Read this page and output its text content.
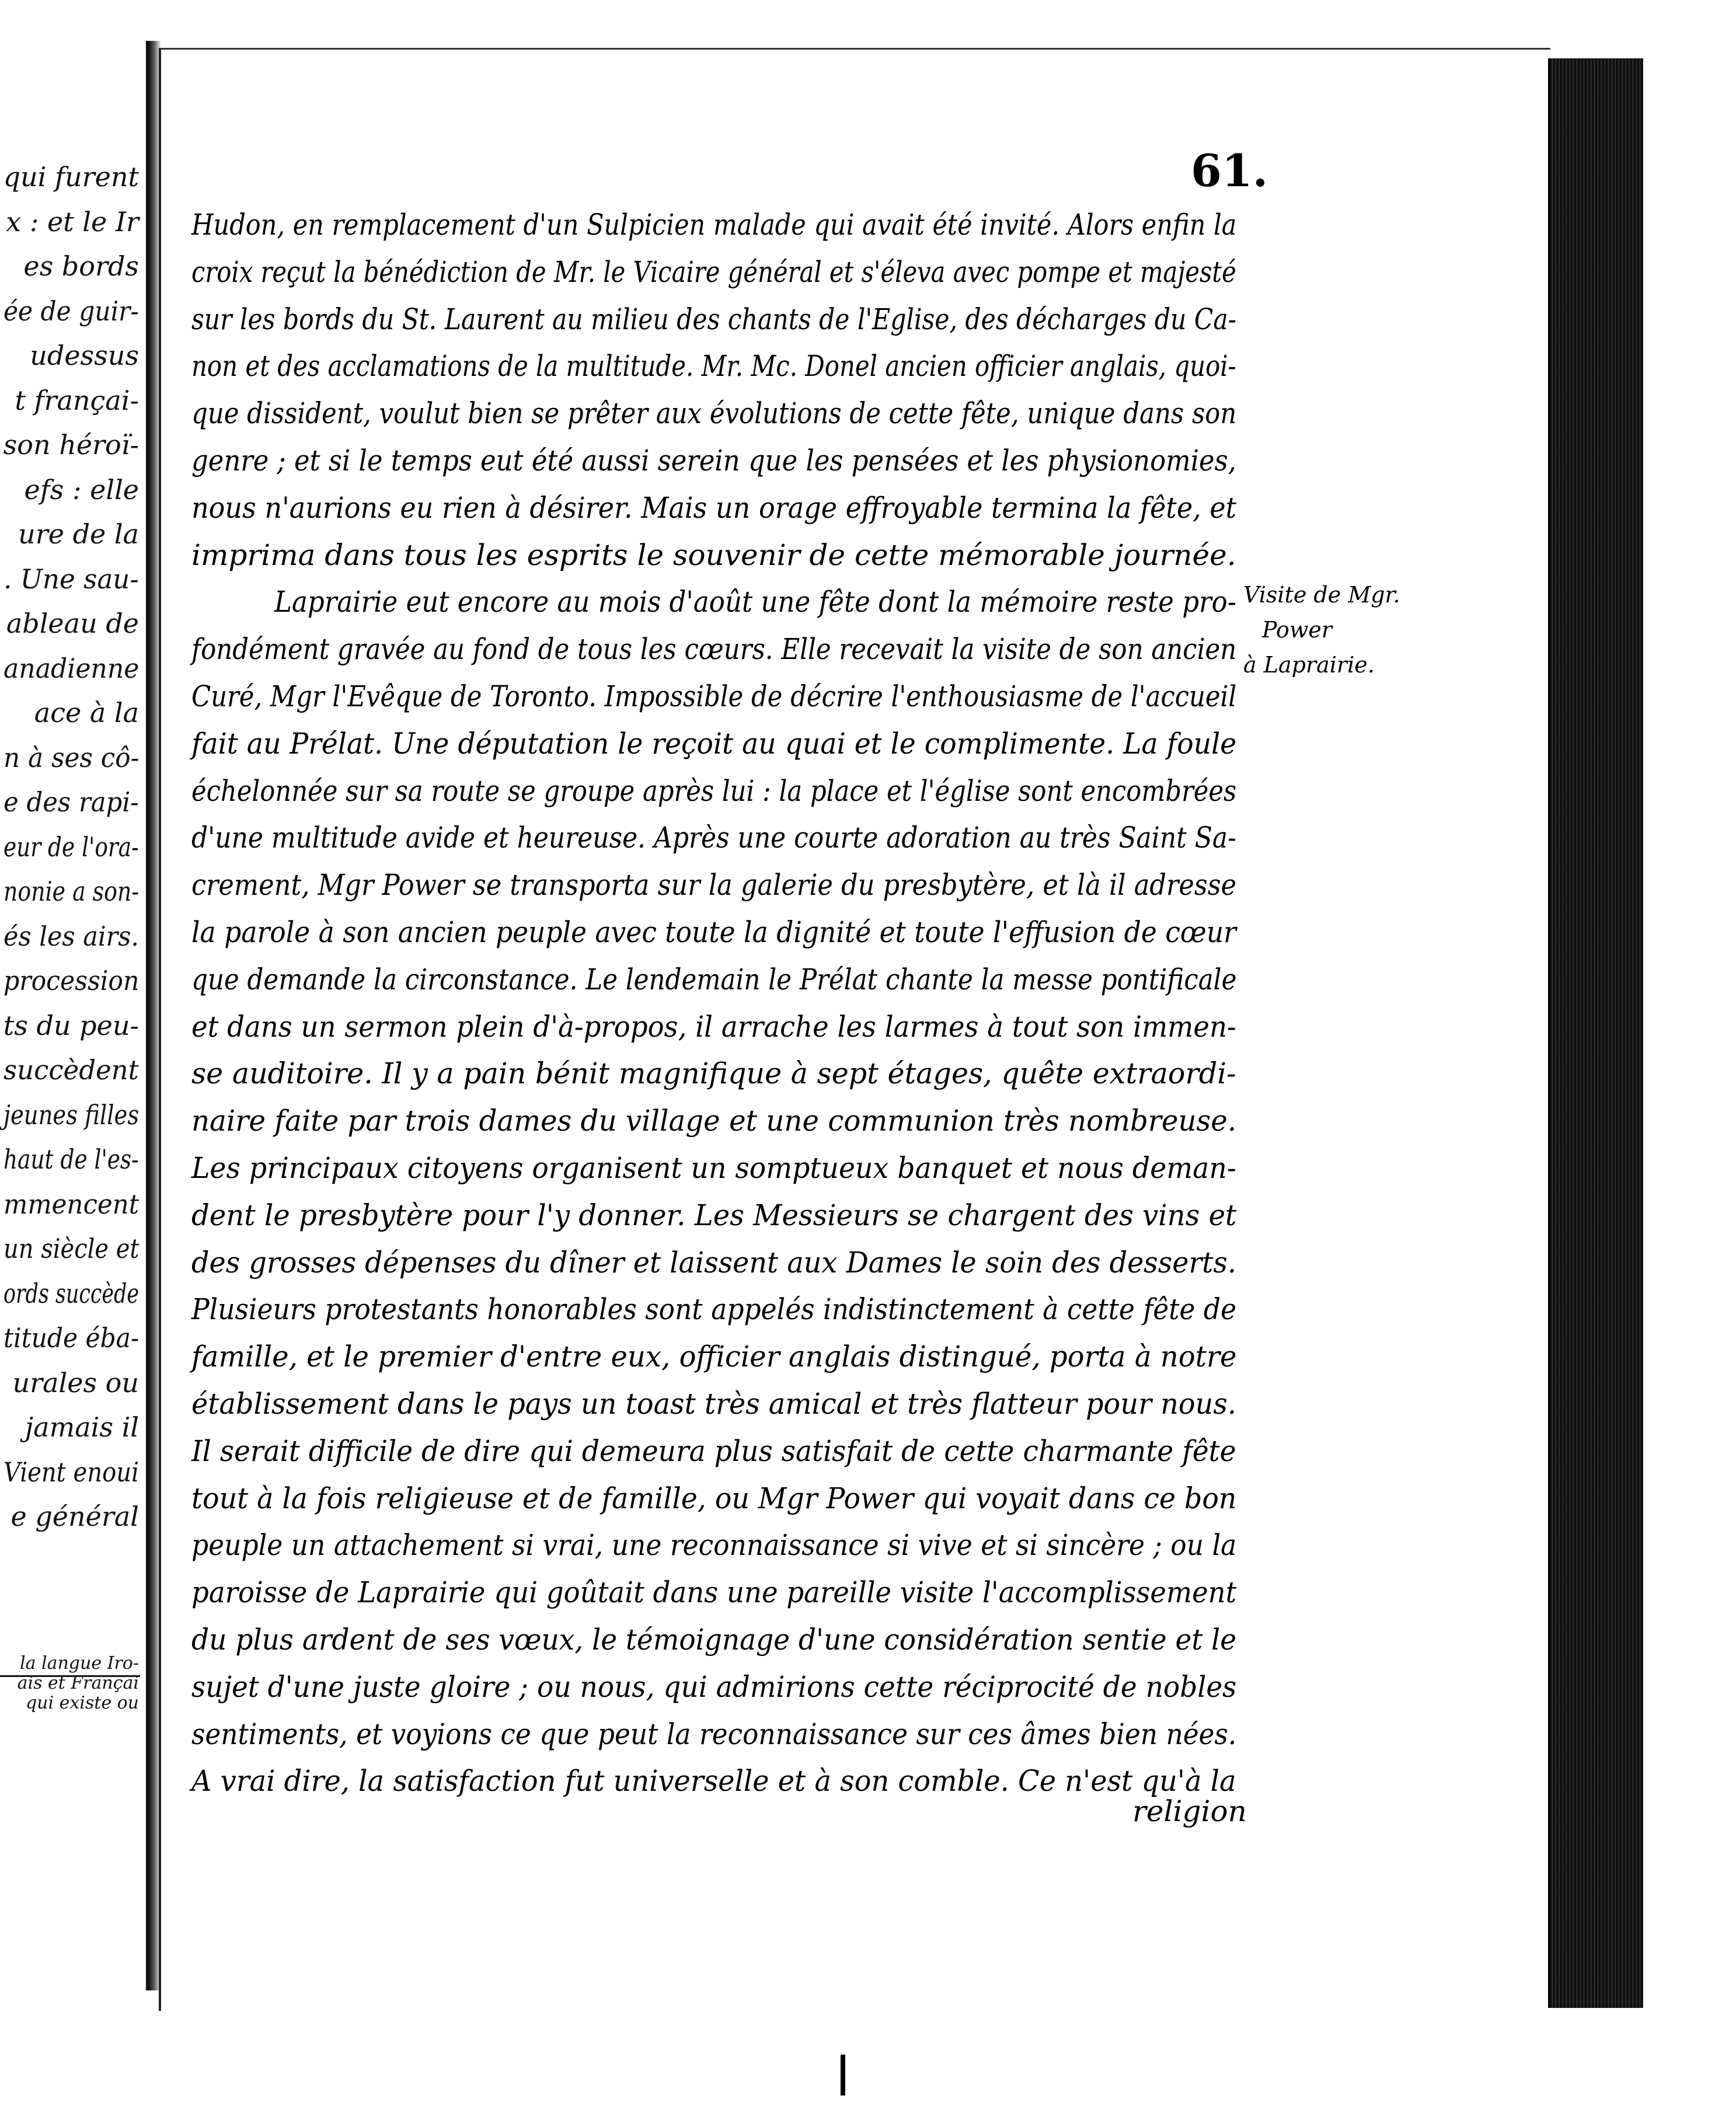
qui furent
x : et le Ir
es bords
ée de guir-
udessus
t françai-
son héroï-
efs : elle
ure de la
. Une sau-
ableau de
anadienne
ace à la
n à ses cô-
e des rapi-
eur de l'ora-
nonie a son-
és les airs.
procession
ts du peu-
succèdent
jeunes filles
haut de l'es-
mmencent
un siècle et
ords succède
titude éba-
urales ou
jamais il
Vient enoui
e général
la langue Iro-
ais et Françai
qui existe ou
61.
Hudon, en remplacement d'un Sulpicien malade qui avait été invité. Alors enfin la
croix reçut la bénédiction de Mr. le Vicaire général et s'éleva avec pompe et majesté
sur les bords du St. Laurent au milieu des chants de l'Eglise, des décharges du Ca-
non et des acclamations de la multitude. Mr. Mc. Donel ancien officier anglais, quoi-
que dissident, voulut bien se prêter aux évolutions de cette fête, unique dans son
genre ; et si le temps eut été aussi serein que les pensées et les physionomies,
nous n'aurions eu rien à désirer. Mais un orage effroyable termina la fête, et
imprima dans tous les esprits le souvenir de cette mémorable journée.
Laprairie eut encore au mois d'août une fête dont la mémoire reste pro-
fondément gravée au fond de tous les cœurs. Elle recevait la visite de son ancien
Curé, Mgr l'Evêque de Toronto. Impossible de décrire l'enthousiasme de l'accueil
fait au Prélat. Une députation le reçoit au quai et le complimente. La foule
échelonnée sur sa route se groupe après lui : la place et l'église sont encombrées
d'une multitude avide et heureuse. Après une courte adoration au très Saint Sa-
crement, Mgr Power se transporta sur la galerie du presbytère, et là il adresse
la parole à son ancien peuple avec toute la dignité et toute l'effusion de cœur
que demande la circonstance. Le lendemain le Prélat chante la messe pontificale
et dans un sermon plein d'à-propos, il arrache les larmes à tout son immen-
se auditoire. Il y a pain bénit magnifique à sept étages, quête extraordi-
naire faite par trois dames du village et une communion très nombreuse.
Les principaux citoyens organisent un somptueux banquet et nous deman-
dent le presbytère pour l'y donner. Les Messieurs se chargent des vins et
des grosses dépenses du dîner et laissent aux Dames le soin des desserts.
Plusieurs protestants honorables sont appelés indistinctement à cette fête de
famille, et le premier d'entre eux, officier anglais distingué, porta à notre
établissement dans le pays un toast très amical et très flatteur pour nous.
Il serait difficile de dire qui demeura plus satisfait de cette charmante fête
tout à la fois religieuse et de famille, ou Mgr Power qui voyait dans ce bon
peuple un attachement si vrai, une reconnaissance si vive et si sincère ; ou la
paroisse de Laprairie qui goûtait dans une pareille visite l'accomplissement
du plus ardent de ses vœux, le témoignage d'une considération sentie et le
sujet d'une juste gloire ; ou nous, qui admirions cette réciprocité de nobles
sentiments, et voyions ce que peut la reconnaissance sur ces âmes bien nées.
A vrai dire, la satisfaction fut universelle et à son comble. Ce n'est qu'à la
Visite de Mgr.
Power
à Laprairie.
religion
